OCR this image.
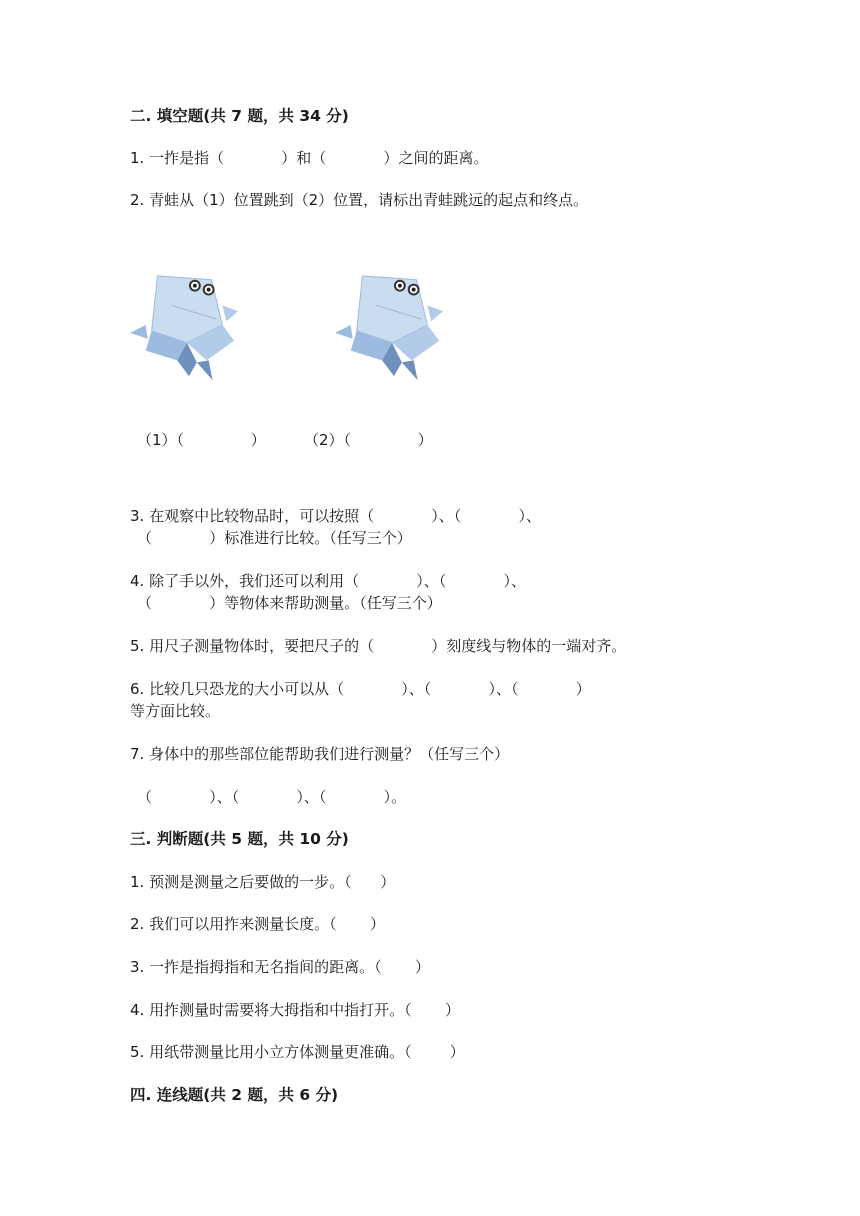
二. 填空题(共 7 题，共 34 分)
1. 一拃是指（            ）和（            ）之间的距离。
2. 青蛙从（1）位置跳到（2）位置，请标出青蛙跳远的起点和终点。
（1）（              ）        （2）（              ）
3. 在观察中比较物品时，可以按照（            ）、（            ）、
（            ）标准进行比较。（任写三个）
4. 除了手以外，我们还可以利用（            ）、（            ）、
（            ）等物体来帮助测量。（任写三个）
5. 用尺子测量物体时，要把尺子的（            ）刻度线与物体的一端对齐。
6. 比较几只恐龙的大小可以从（            ）、（            ）、（            ）
等方面比较。
7. 身体中的那些部位能帮助我们进行测量？（任写三个）
（            ）、（            ）、（            ）。
三. 判断题(共 5 题，共 10 分)
1. 预测是测量之后要做的一步。（      ）
2. 我们可以用拃来测量长度。（       ）
3. 一拃是指拇指和无名指间的距离。（       ）
4. 用拃测量时需要将大拇指和中指打开。（       ）
5. 用纸带测量比用小立方体测量更准确。（        ）
四. 连线题(共 2 题，共 6 分)
